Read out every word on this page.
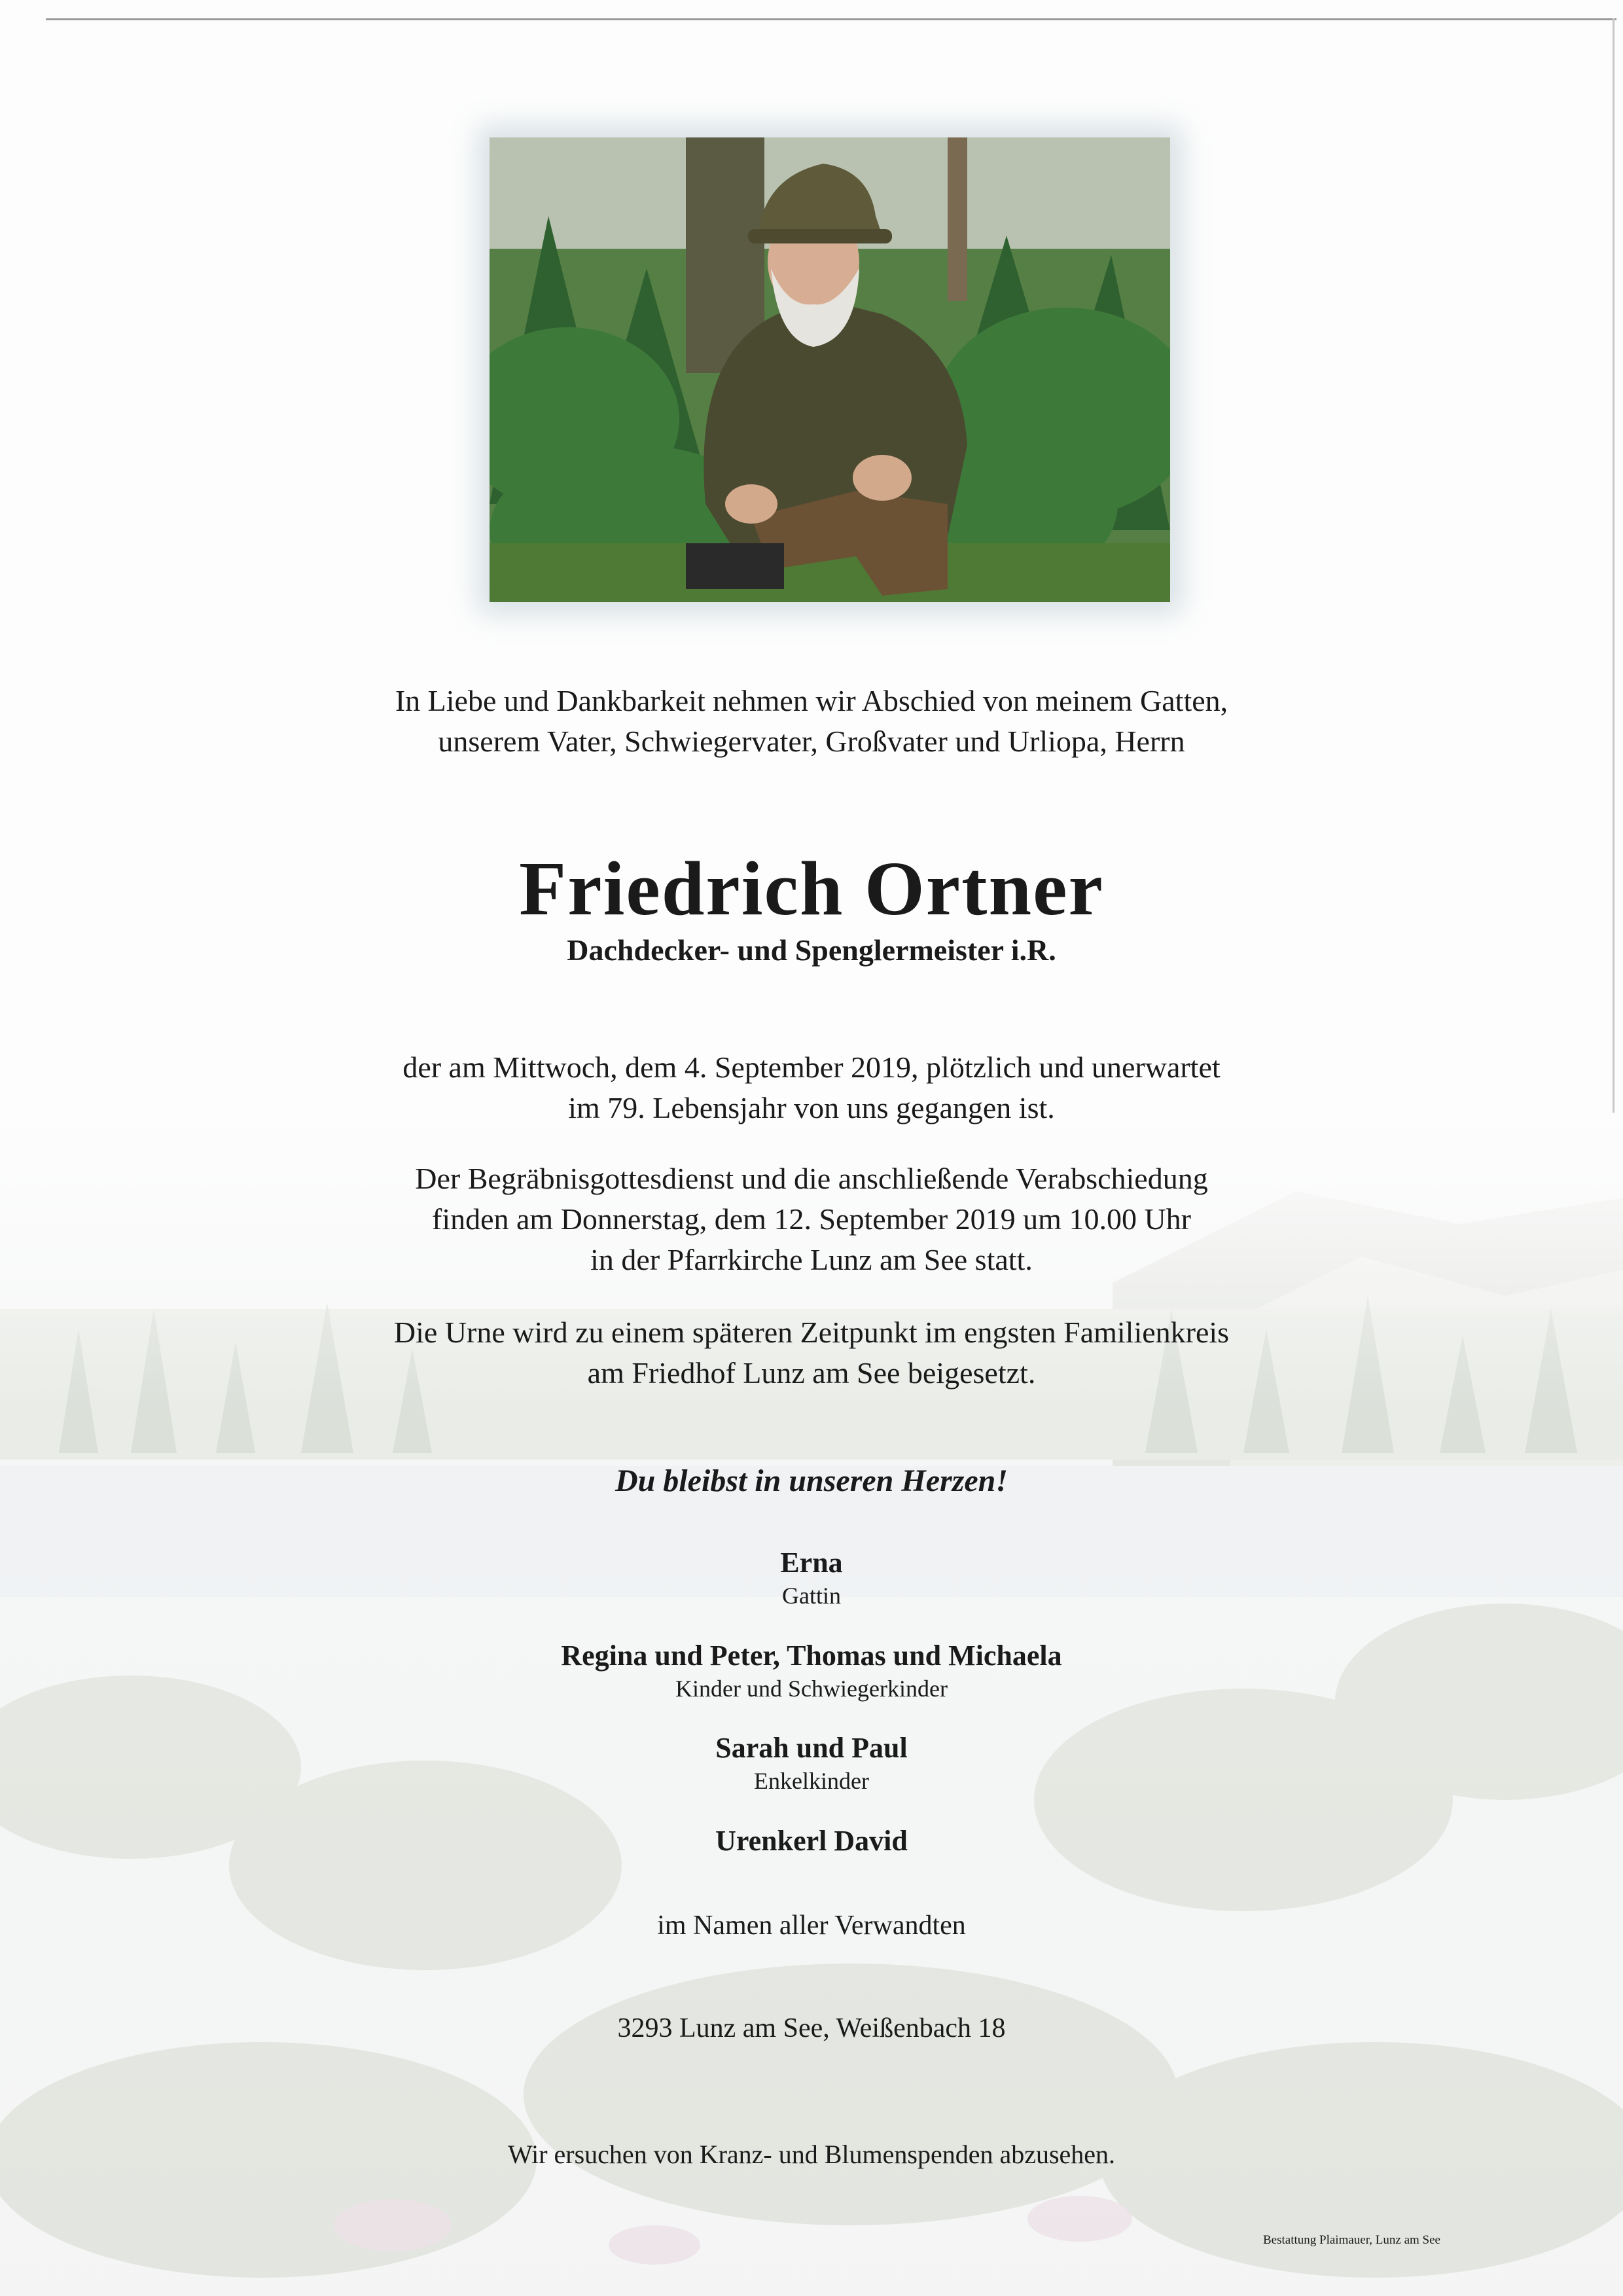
In Liebe und Dankbarkeit nehmen wir Abschied von meinem Gatten,
unserem Vater, Schwiegervater, Großvater und Urliopa, Herrn
Friedrich Ortner
Dachdecker- und Spenglermeister i.R.
der am Mittwoch, dem 4. September 2019, plötzlich und unerwartet
im 79. Lebensjahr von uns gegangen ist.
Der Begräbnisgottesdienst und die anschließende Verabschiedung
finden am Donnerstag, dem 12. September 2019 um 10.00 Uhr
in der Pfarrkirche Lunz am See statt.
Die Urne wird zu einem späteren Zeitpunkt im engsten Familienkreis
am Friedhof Lunz am See beigesetzt.
Du bleibst in unseren Herzen!
Erna
Gattin
Regina und Peter, Thomas und Michaela
Kinder und Schwiegerkinder
Sarah und Paul
Enkelkinder
Urenkerl David
im Namen aller Verwandten
3293 Lunz am See, Weißenbach 18
Wir ersuchen von Kranz- und Blumenspenden abzusehen.
Bestattung Plaimauer, Lunz am See
